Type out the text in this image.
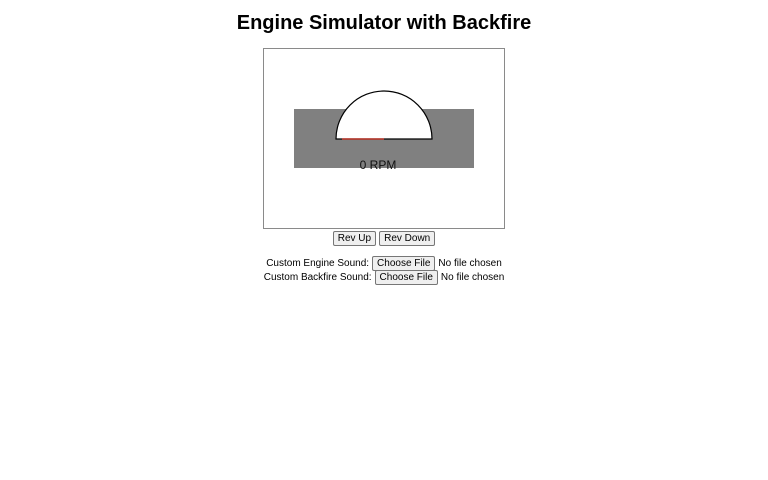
Engine Simulator with Backfire
0 RPM
Rev Up	Rev Down
Custom Engine Sound: Choose File No file chosen
Custom Backfire Sound: Choose File No file chosen
